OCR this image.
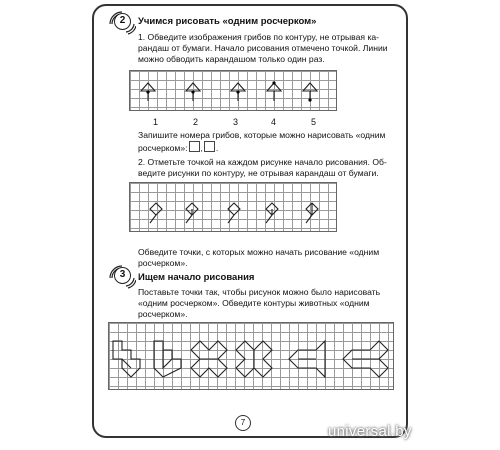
2	Учимся рисовать «одним росчерком»

1. Обведите изображения грибов по контуру, не отрывая ка-

рандаш от бумаги. Начало рисования отмечено точкой. Линии

можно обводить карандашом только один раз.

1	2	3	4	5

Запишите номера грибов, которые можно нарисовать «одним

росчерком»: , .

2. Отметьте точкой на каждом рисунке начало рисования. Об-

ведите рисунки по контуру, не отрывая карандаш от бумаги.

Обведите точки, с которых можно начать рисование «одним

росчерком».

3	Ищем начало рисования

Поставьте точки так, чтобы рисунок можно было нарисовать

«одним росчерком». Обведите контуры животных «одним

росчерком».

7
universal.by
